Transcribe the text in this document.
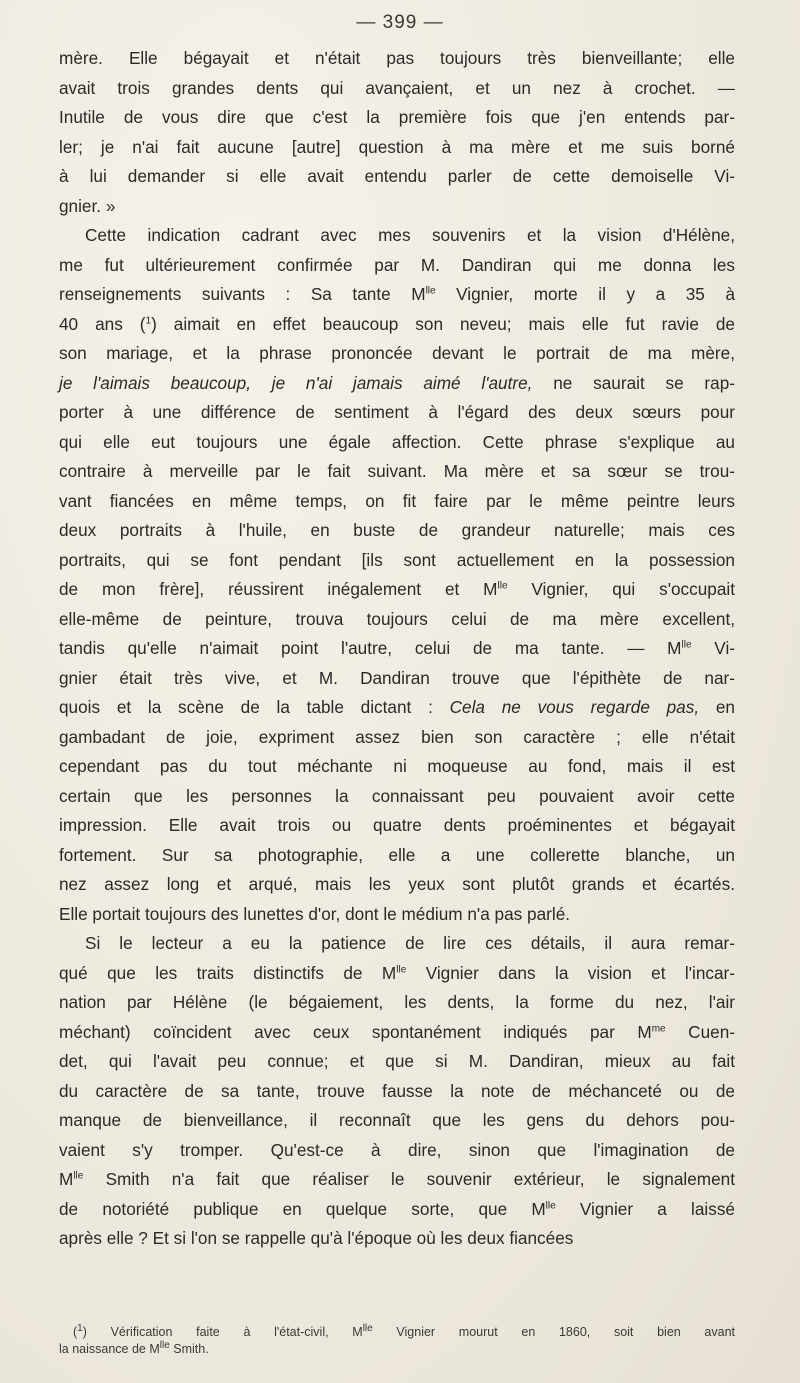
— 399 —

mère. Elle bégayait et n'était pas toujours très bienveillante; elle

avait trois grandes dents qui avançaient, et un nez à crochet. —

Inutile de vous dire que c'est la première fois que j'en entends par-

ler; je n'ai fait aucune [autre] question à ma mère et me suis borné

à lui demander si elle avait entendu parler de cette demoiselle Vi-

gnier. »

Cette indication cadrant avec mes souvenirs et la vision d'Hélène,

me fut ultérieurement confirmée par M. Dandiran qui me donna les

renseignements suivants : Sa tante $M^{lle}$ Vignier, morte il y a 35 à

40 ans ($^1$) aimait en effet beaucoup son neveu; mais elle fut ravie de

son mariage, et la phrase prononcée devant le portrait de ma mère,

je l'aimais beaucoup, je n'ai jamais aimé l'autre, ne saurait se rap-

porter à une différence de sentiment à l'égard des deux sœurs pour

qui elle eut toujours une égale affection. Cette phrase s'explique au

contraire à merveille par le fait suivant. Ma mère et sa sœur se trou-

vant fiancées en même temps, on fit faire par le même peintre leurs

deux portraits à l'huile, en buste de grandeur naturelle; mais ces

portraits, qui se font pendant [ils sont actuellement en la possession

de mon frère], réussirent inégalement et $M^{lle}$ Vignier, qui s'occupait

elle-même de peinture, trouva toujours celui de ma mère excellent,

tandis qu'elle n'aimait point l'autre, celui de ma tante. — $M^{lle}$ Vi-

gnier était très vive, et M. Dandiran trouve que l'épithète de nar-

quois et la scène de la table dictant : Cela ne vous regarde pas, en

gambadant de joie, expriment assez bien son caractère ; elle n'était

cependant pas du tout méchante ni moqueuse au fond, mais il est

certain que les personnes la connaissant peu pouvaient avoir cette

impression. Elle avait trois ou quatre dents proéminentes et bégayait

fortement. Sur sa photographie, elle a une collerette blanche, un

nez assez long et arqué, mais les yeux sont plutôt grands et écartés.

Elle portait toujours des lunettes d'or, dont le médium n'a pas parlé.

Si le lecteur a eu la patience de lire ces détails, il aura remar-

qué que les traits distinctifs de $M^{lle}$ Vignier dans la vision et l'incar-

nation par Hélène (le bégaiement, les dents, la forme du nez, l'air

méchant) coïncident avec ceux spontanément indiqués par $M^{me}$ Cuen-

det, qui l'avait peu connue; et que si M. Dandiran, mieux au fait

du caractère de sa tante, trouve fausse la note de méchanceté ou de

manque de bienveillance, il reconnaît que les gens du dehors pou-

vaient s'y tromper. Qu'est-ce à dire, sinon que l'imagination de

$M^{lle}$ Smith n'a fait que réaliser le souvenir extérieur, le signalement

de notoriété publique en quelque sorte, que $M^{lle}$ Vignier a laissé

après elle ? Et si l'on se rappelle qu'à l'époque où les deux fiancées

($^1$) Vérification faite à l'état-civil, $M^{lle}$ Vignier mourut en 1860, soit bien avant

la naissance de $M^{lle}$ Smith.
